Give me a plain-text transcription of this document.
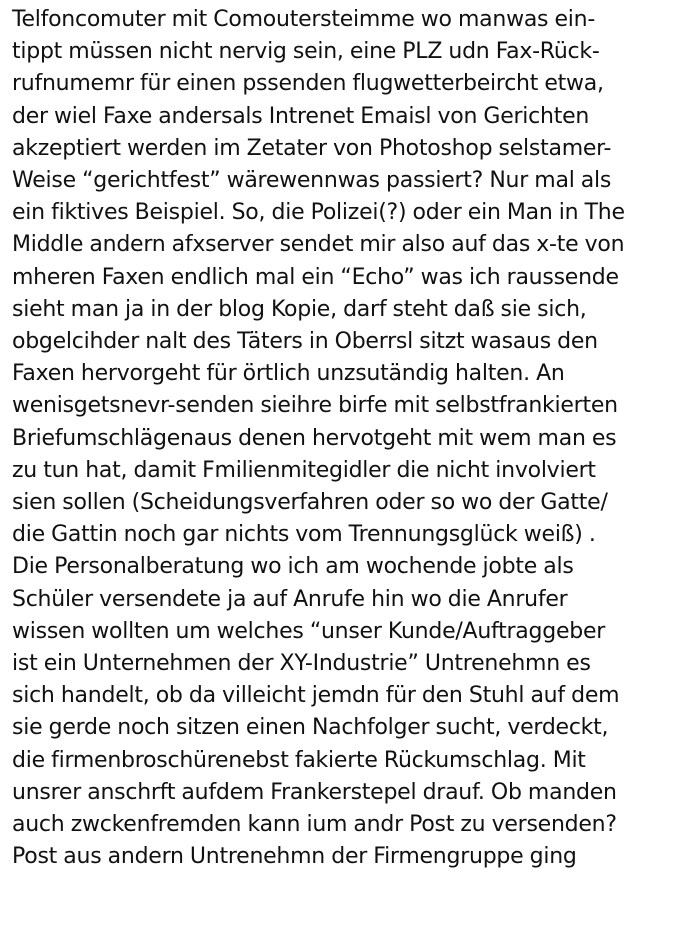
Telfoncomuter mit Comoutersteimme wo manwas ein-
tippt müssen nicht nervig sein, eine PLZ udn Fax-Rück-
rufnumemr für einen pssenden flugwetterbeircht etwa,
der wiel Faxe andersals Intrenet Emaisl von Gerichten
akzeptiert werden im Zetater von Photoshop selstamer-
Weise “gerichtfest” wärewennwas passiert? Nur mal als
ein fiktives Beispiel. So, die Polizei(?) oder ein Man in The
Middle andern afxserver sendet mir also auf das x-te von
mheren Faxen endlich mal ein “Echo” was ich raussende
sieht man ja in der blog Kopie, darf steht daß sie sich,
obgelcihder nalt des Täters in Oberrsl sitzt wasaus den
Faxen hervorgeht für örtlich unzsutändig halten. An
wenisgetsnevr-senden sieihre birfe mit selbstfrankierten
Briefumschlägenaus denen hervotgeht mit wem man es
zu tun hat, damit Fmilienmitegidler die nicht involviert
sien sollen (Scheidungsverfahren oder so wo der Gatte/
die Gattin noch gar nichts vom Trennungsglück weiß) .
Die Personalberatung wo ich am wochende jobte als
Schüler versendete ja auf Anrufe hin wo die Anrufer
wissen wollten um welches “unser Kunde/Auftraggeber
ist ein Unternehmen der XY-Industrie” Untrenehmn es
sich handelt, ob da villeicht jemdn für den Stuhl auf dem
sie gerde noch sitzen einen Nachfolger sucht, verdeckt,
die firmenbroschürenebst fakierte Rückumschlag. Mit
unsrer anschrft aufdem Frankerstepel drauf. Ob manden
auch zwckenfremden kann ium andr Post zu versenden?
Post aus andern Untrenehmn der Firmengruppe ging
